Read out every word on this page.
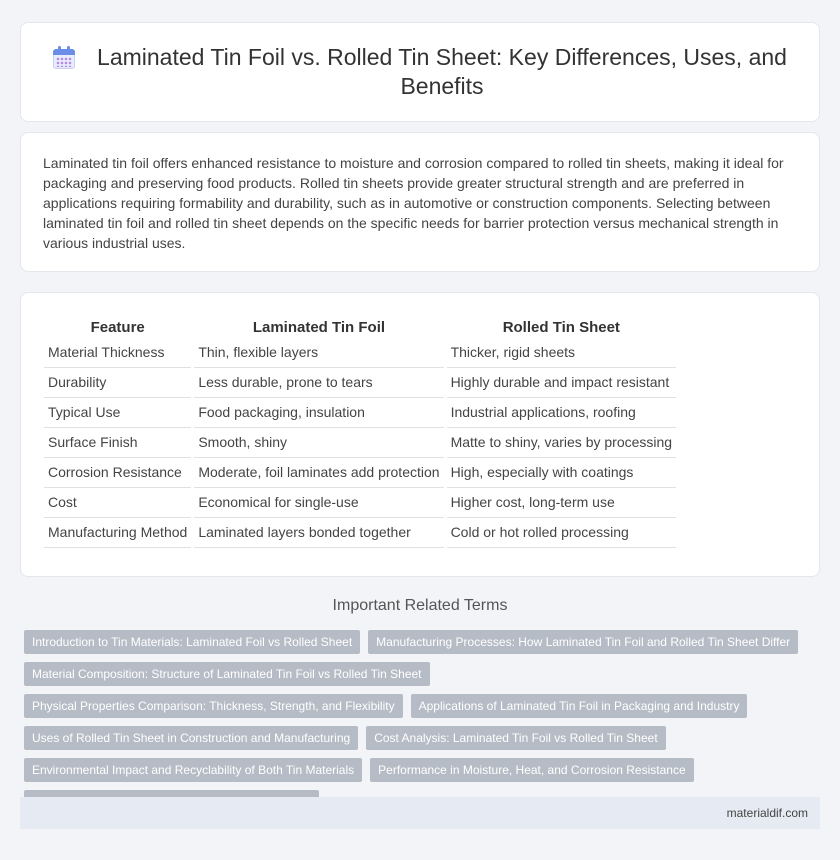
Laminated Tin Foil vs. Rolled Tin Sheet: Key Differences, Uses, and Benefits

Laminated tin foil offers enhanced resistance to moisture and corrosion compared to rolled tin sheets, making it ideal for packaging and preserving food products. Rolled tin sheets provide greater structural strength and are preferred in applications requiring formability and durability, such as in automotive or construction components. Selecting between laminated tin foil and rolled tin sheet depends on the specific needs for barrier protection versus mechanical strength in various industrial uses.

Feature	Laminated Tin Foil	Rolled Tin Sheet
Material Thickness	Thin, flexible layers	Thicker, rigid sheets
Durability	Less durable, prone to tears	Highly durable and impact resistant
Typical Use	Food packaging, insulation	Industrial applications, roofing
Surface Finish	Smooth, shiny	Matte to shiny, varies by processing
Corrosion Resistance	Moderate, foil laminates add protection	High, especially with coatings
Cost	Economical for single-use	Higher cost, long-term use
Manufacturing Method	Laminated layers bonded together	Cold or hot rolled processing
Important Related Terms
Introduction to Tin Materials: Laminated Foil vs Rolled Sheet	Manufacturing Processes: How Laminated Tin Foil and Rolled Tin Sheet Differ
Material Composition: Structure of Laminated Tin Foil vs Rolled Tin Sheet
Physical Properties Comparison: Thickness, Strength, and Flexibility	Applications of Laminated Tin Foil in Packaging and Industry
Uses of Rolled Tin Sheet in Construction and Manufacturing	Cost Analysis: Laminated Tin Foil vs Rolled Tin Sheet
Environmental Impact and Recyclability of Both Tin Materials	Performance in Moisture, Heat, and Corrosion Resistance
materialdif.com
